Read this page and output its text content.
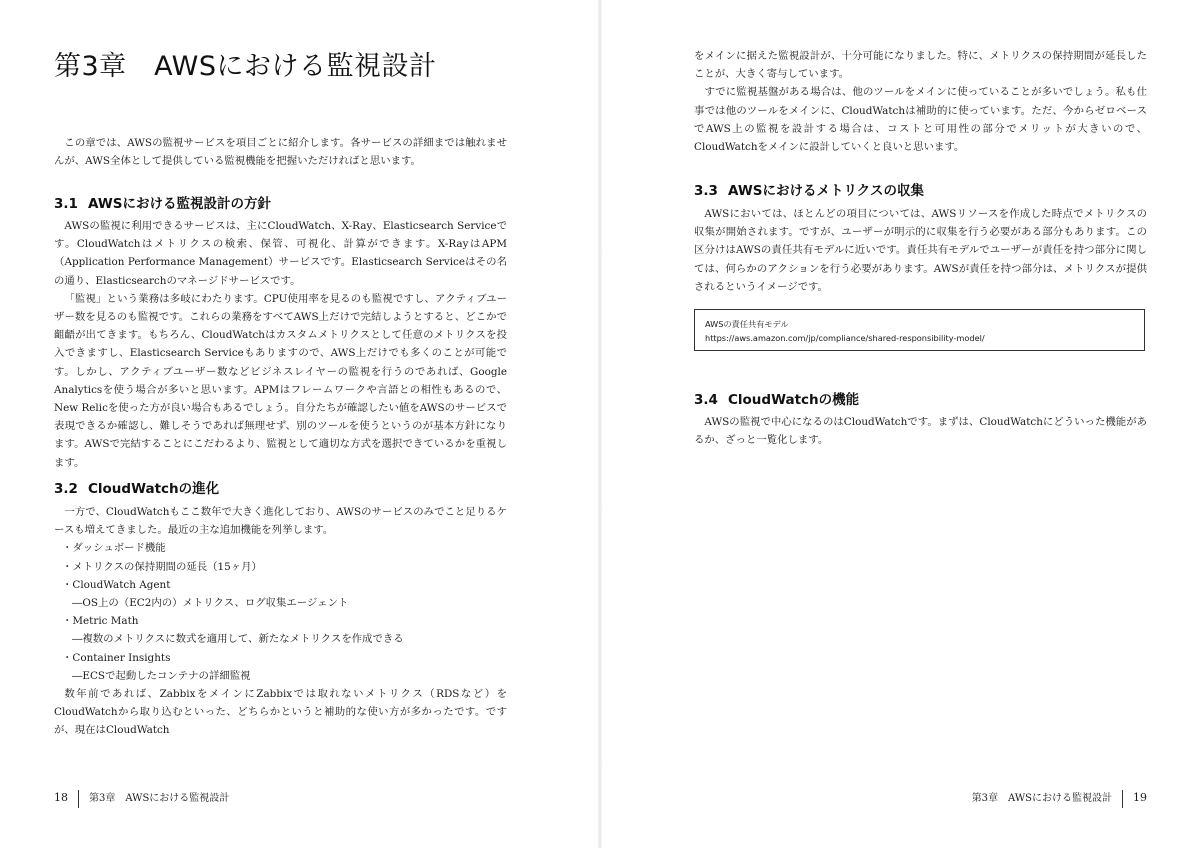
第3章　AWSにおける監視設計

この章では、AWSの監視サービスを項目ごとに紹介します。各サービスの詳細までは触れませんが、AWS全体として提供している監視機能を把握いただければと思います。

3.1 AWSにおける監視設計の方針

AWSの監視に利用できるサービスは、主にCloudWatch、X-Ray、Elasticsearch Serviceです。CloudWatchはメトリクスの検索、保管、可視化、計算ができます。X-RayはAPM（Application Performance Management）サービスです。Elasticsearch Serviceはその名の通り、Elasticsearchのマネージドサービスです。

「監視」という業務は多岐にわたります。CPU使用率を見るのも監視ですし、アクティブユーザー数を見るのも監視です。これらの業務をすべてAWS上だけで完結しようとすると、どこかで齟齬が出てきます。もちろん、CloudWatchはカスタムメトリクスとして任意のメトリクスを投入できますし、Elasticsearch Serviceもありますので、AWS上だけでも多くのことが可能です。しかし、アクティブユーザー数などビジネスレイヤーの監視を行うのであれば、Google Analyticsを使う場合が多いと思います。APMはフレームワークや言語との相性もあるので、New Relicを使った方が良い場合もあるでしょう。自分たちが確認したい値をAWSのサービスで表現できるか確認し、難しそうであれば無理せず、別のツールを使うというのが基本方針になります。AWSで完結することにこだわるより、監視として適切な方式を選択できているかを重視します。

3.2 CloudWatchの進化

一方で、CloudWatchもここ数年で大きく進化しており、AWSのサービスのみでこと足りるケースも増えてきました。最近の主な追加機能を列挙します。

・ダッシュボード機能
・メトリクスの保持期間の延長（15ヶ月）
・CloudWatch Agent
―OS上の（EC2内の）メトリクス、ログ収集エージェント
・Metric Math
―複数のメトリクスに数式を適用して、新たなメトリクスを作成できる
・Container Insights
―ECSで起動したコンテナの詳細監視

数年前であれば、ZabbixをメインにZabbixでは取れないメトリクス（RDSなど）をCloudWatchから取り込むといった、どちらかというと補助的な使い方が多かったです。ですが、現在はCloudWatch

18 第3章　AWSにおける監視設計

をメインに据えた監視設計が、十分可能になりました。特に、メトリクスの保持期間が延長したことが、大きく寄与しています。

すでに監視基盤がある場合は、他のツールをメインに使っていることが多いでしょう。私も仕事では他のツールをメインに、CloudWatchは補助的に使っています。ただ、今からゼロベースでAWS上の監視を設計する場合は、コストと可用性の部分でメリットが大きいので、CloudWatchをメインに設計していくと良いと思います。

3.3 AWSにおけるメトリクスの収集

AWSにおいては、ほとんどの項目については、AWSリソースを作成した時点でメトリクスの収集が開始されます。ですが、ユーザーが明示的に収集を行う必要がある部分もあります。この区分けはAWSの責任共有モデルに近いです。責任共有モデルでユーザーが責任を持つ部分に関しては、何らかのアクションを行う必要があります。AWSが責任を持つ部分は、メトリクスが提供されるというイメージです。

AWSの責任共有モデル
https://aws.amazon.com/jp/compliance/shared-responsibility-model/
3.4 CloudWatchの機能

AWSの監視で中心になるのはCloudWatchです。まずは、CloudWatchにどういった機能があるか、ざっと一覧化します。

第3章　AWSにおける監視設計 19
